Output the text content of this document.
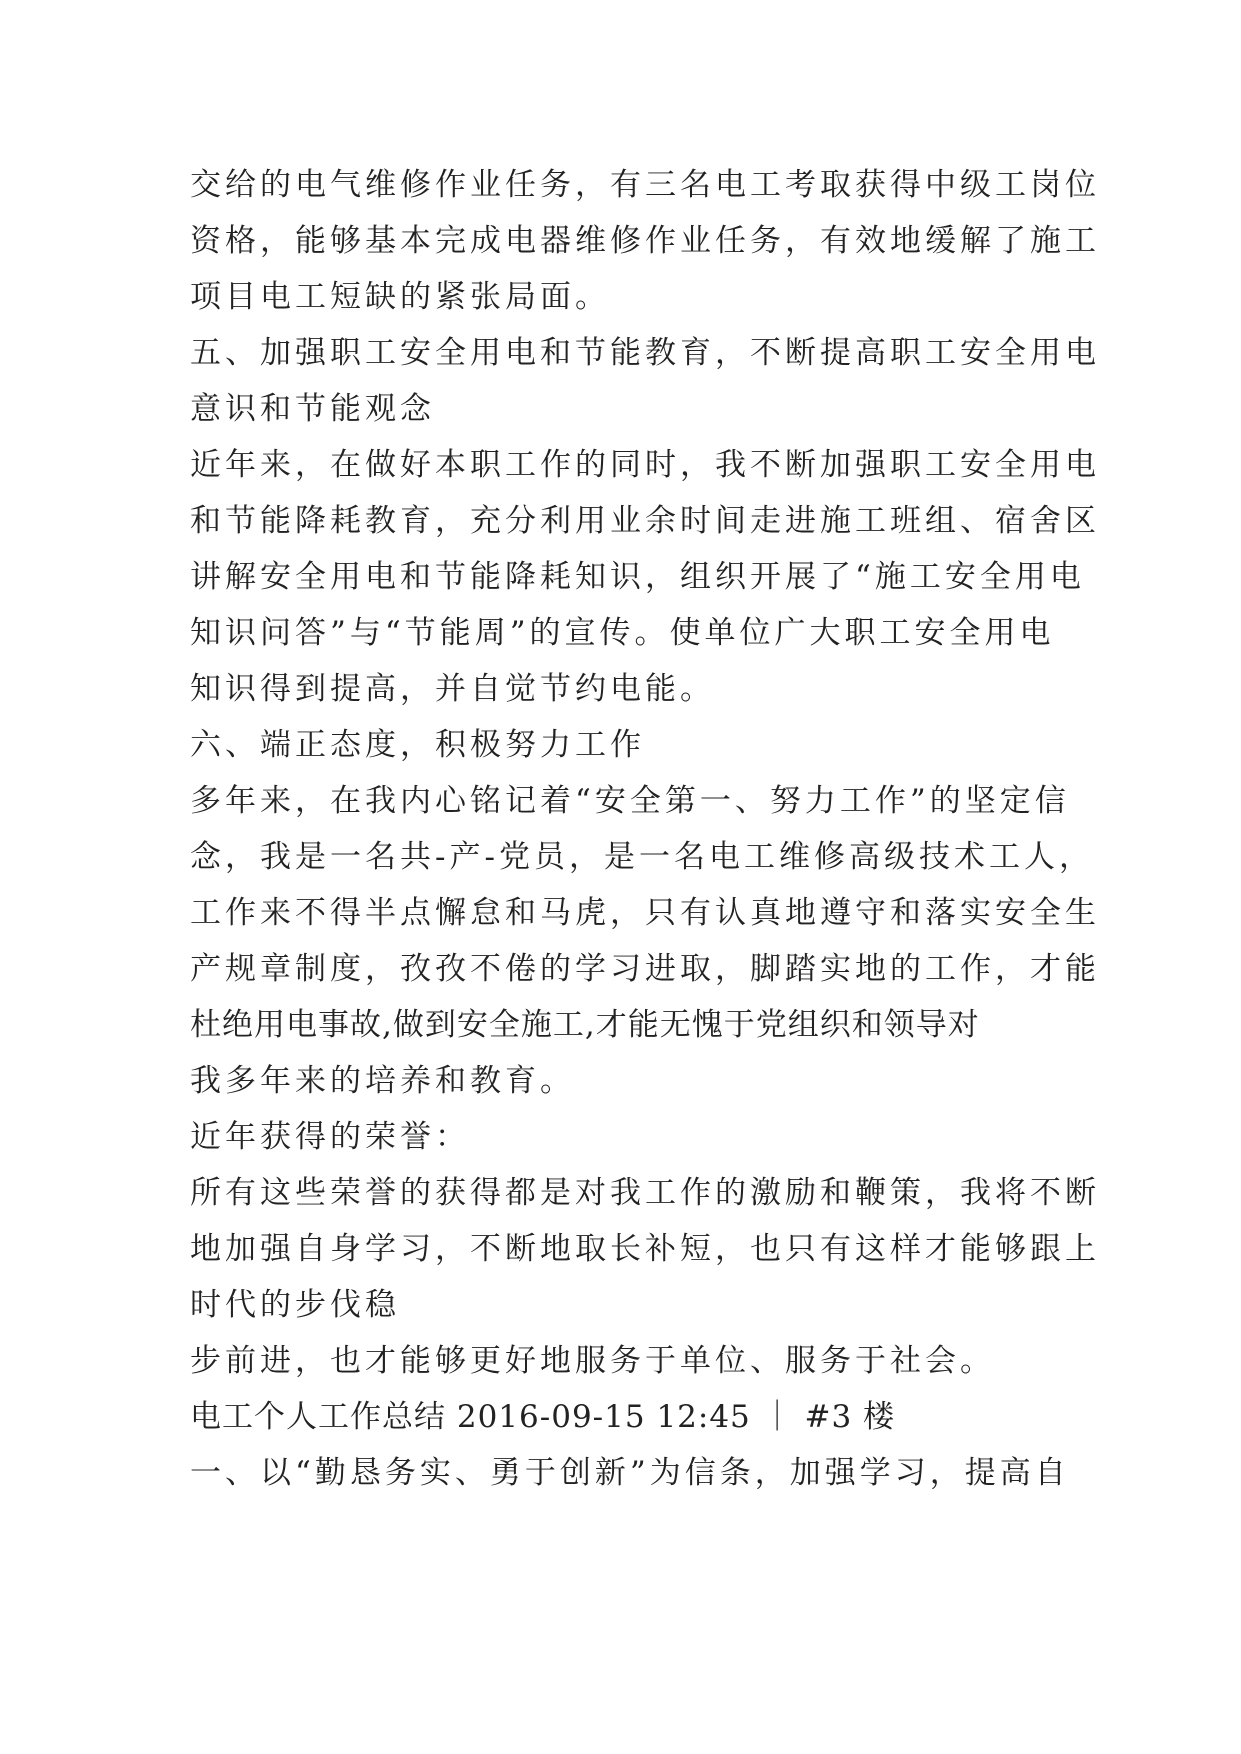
交给的电气维修作业任务，有三名电工考取获得中级工岗位
资格，能够基本完成电器维修作业任务，有效地缓解了施工
项目电工短缺的紧张局面。
五、加强职工安全用电和节能教育，不断提高职工安全用电
意识和节能观念
近年来，在做好本职工作的同时，我不断加强职工安全用电
和节能降耗教育，充分利用业余时间走进施工班组、宿舍区
讲解安全用电和节能降耗知识，组织开展了“施工安全用电
知识问答”与“节能周”的宣传。使单位广大职工安全用电
知识得到提高，并自觉节约电能。
六、端正态度，积极努力工作
多年来，在我内心铭记着“安全第一、努力工作”的坚定信
念，我是一名共-产-党员，是一名电工维修高级技术工人，
工作来不得半点懈怠和马虎，只有认真地遵守和落实安全生
产规章制度，孜孜不倦的学习进取，脚踏实地的工作，才能
杜绝用电事故,做到安全施工,才能无愧于党组织和领导对
我多年来的培养和教育。
近年获得的荣誉：
所有这些荣誉的获得都是对我工作的激励和鞭策，我将不断
地加强自身学习，不断地取长补短，也只有这样才能够跟上
时代的步伐稳
步前进，也才能够更好地服务于单位、服务于社会。
电工个人工作总结 2016-09-15 12:45 ｜ #3 楼
一、以“勤恳务实、勇于创新”为信条，加强学习，提高自
